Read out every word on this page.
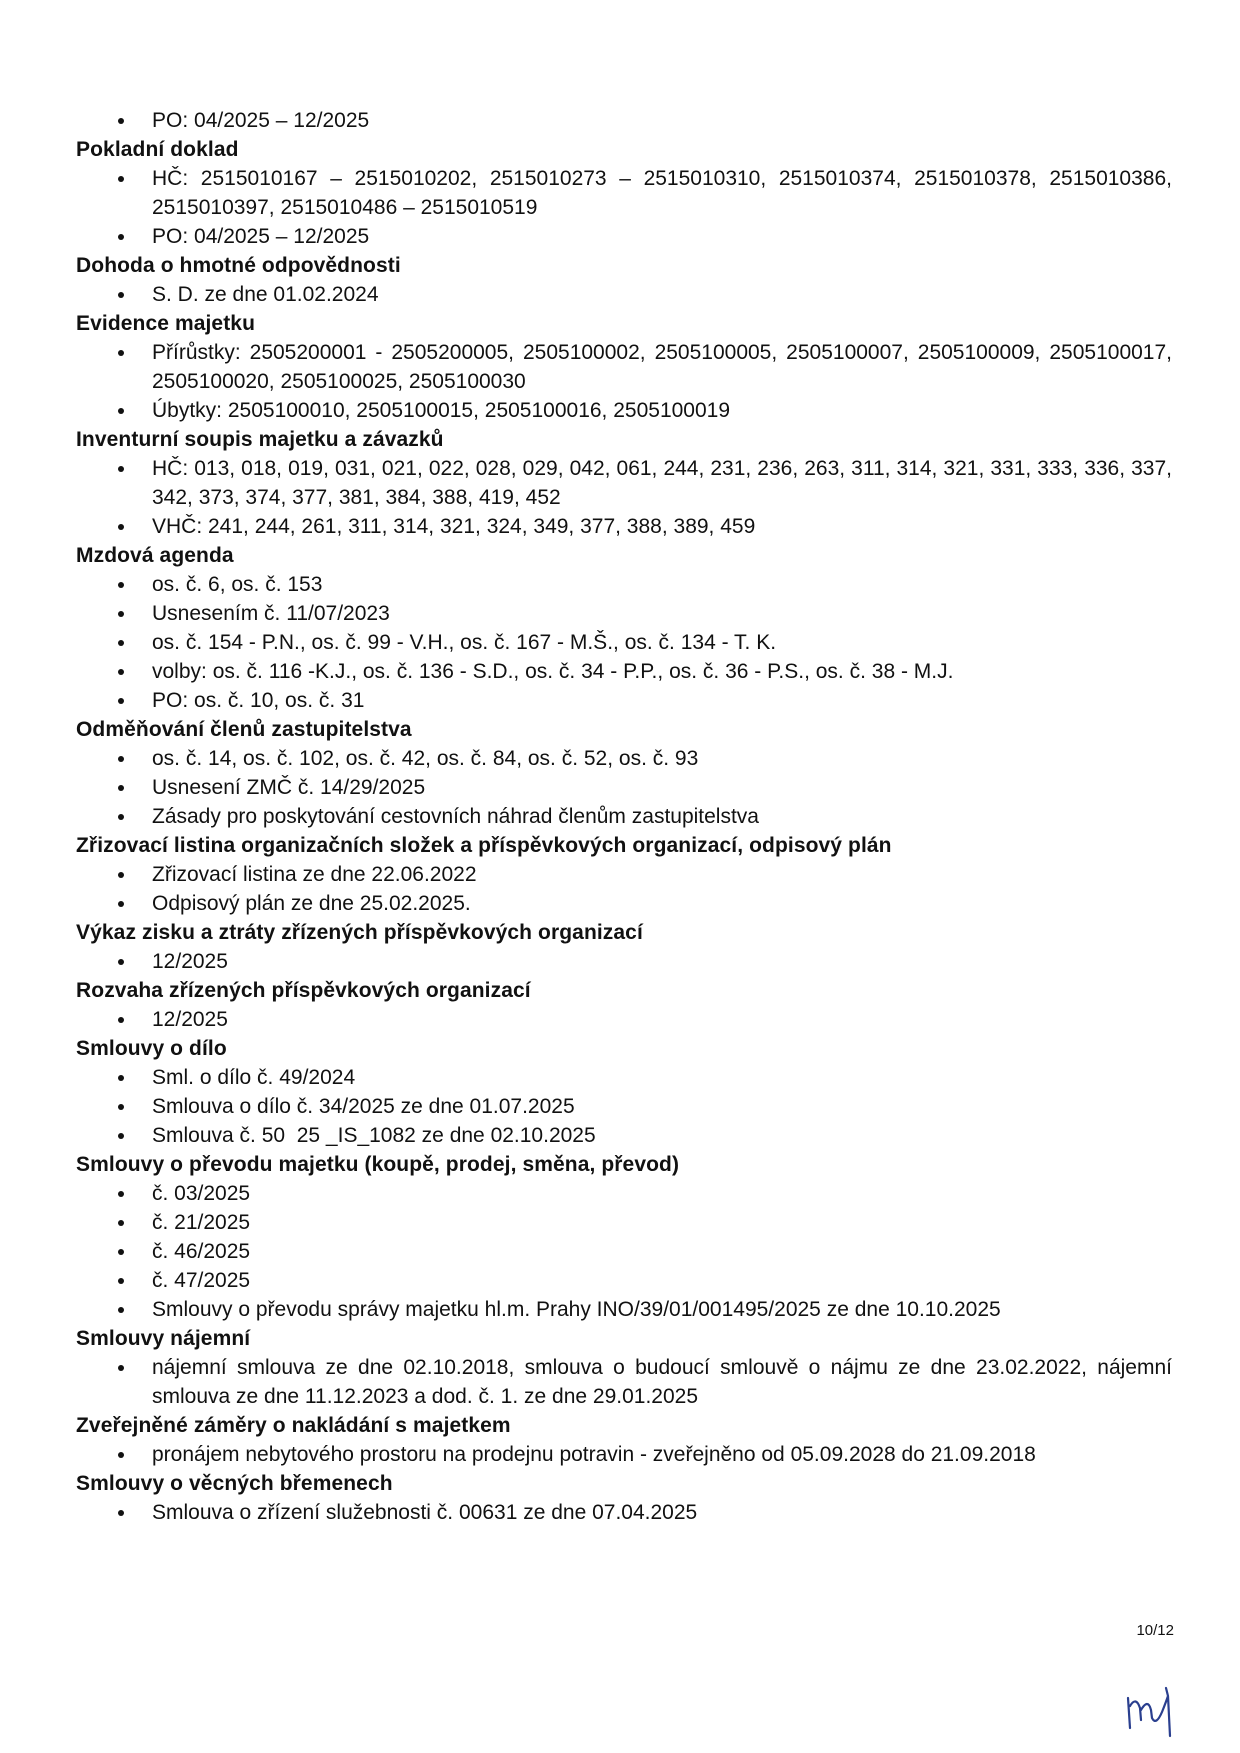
PO: 04/2025 – 12/2025

Pokladní doklad

HČ: 2515010167 – 2515010202, 2515010273 – 2515010310, 2515010374, 2515010378, 2515010386, 2515010397, 2515010486 – 2515010519
PO: 04/2025 – 12/2025

Dohoda o hmotné odpovědnosti

S. D. ze dne 01.02.2024

Evidence majetku

Přírůstky: 2505200001 - 2505200005, 2505100002, 2505100005, 2505100007, 2505100009, 2505100017, 2505100020, 2505100025, 2505100030
Úbytky: 2505100010, 2505100015, 2505100016, 2505100019

Inventurní soupis majetku a závazků

HČ: 013, 018, 019, 031, 021, 022, 028, 029, 042, 061, 244, 231, 236, 263, 311, 314, 321, 331, 333, 336, 337, 342, 373, 374, 377, 381, 384, 388, 419, 452
VHČ: 241, 244, 261, 311, 314, 321, 324, 349, 377, 388, 389, 459

Mzdová agenda

os. č. 6, os. č. 153
Usnesením č. 11/07/2023
os. č. 154 - P.N., os. č. 99 - V.H., os. č. 167 - M.Š., os. č. 134 - T. K.
volby: os. č. 116 -K.J., os. č. 136 - S.D., os. č. 34 - P.P., os. č. 36 - P.S., os. č. 38 - M.J.
PO: os. č. 10, os. č. 31

Odměňování členů zastupitelstva

os. č. 14, os. č. 102, os. č. 42, os. č. 84, os. č. 52, os. č. 93
Usnesení ZMČ č. 14/29/2025
Zásady pro poskytování cestovních náhrad členům zastupitelstva

Zřizovací listina organizačních složek a příspěvkových organizací, odpisový plán

Zřizovací listina ze dne 22.06.2022
Odpisový plán ze dne 25.02.2025.

Výkaz zisku a ztráty zřízených příspěvkových organizací

12/2025

Rozvaha zřízených příspěvkových organizací

12/2025

Smlouvy o dílo

Sml. o dílo č. 49/2024
Smlouva o dílo č. 34/2025 ze dne 01.07.2025
Smlouva č. 50  25 _IS_1082 ze dne 02.10.2025

Smlouvy o převodu majetku (koupě, prodej, směna, převod)

č. 03/2025
č. 21/2025
č. 46/2025
č. 47/2025
Smlouvy o převodu správy majetku hl.m. Prahy INO/39/01/001495/2025 ze dne 10.10.2025

Smlouvy nájemní

nájemní smlouva ze dne 02.10.2018, smlouva o budoucí smlouvě o nájmu ze dne 23.02.2022, nájemní smlouva ze dne 11.12.2023 a dod. č. 1. ze dne 29.01.2025

Zveřejněné záměry o nakládání s majetkem

pronájem nebytového prostoru na prodejnu potravin - zveřejněno od 05.09.2028 do 21.09.2018

Smlouvy o věcných břemenech

Smlouva o zřízení služebnosti č. 00631 ze dne 07.04.2025
10/12
